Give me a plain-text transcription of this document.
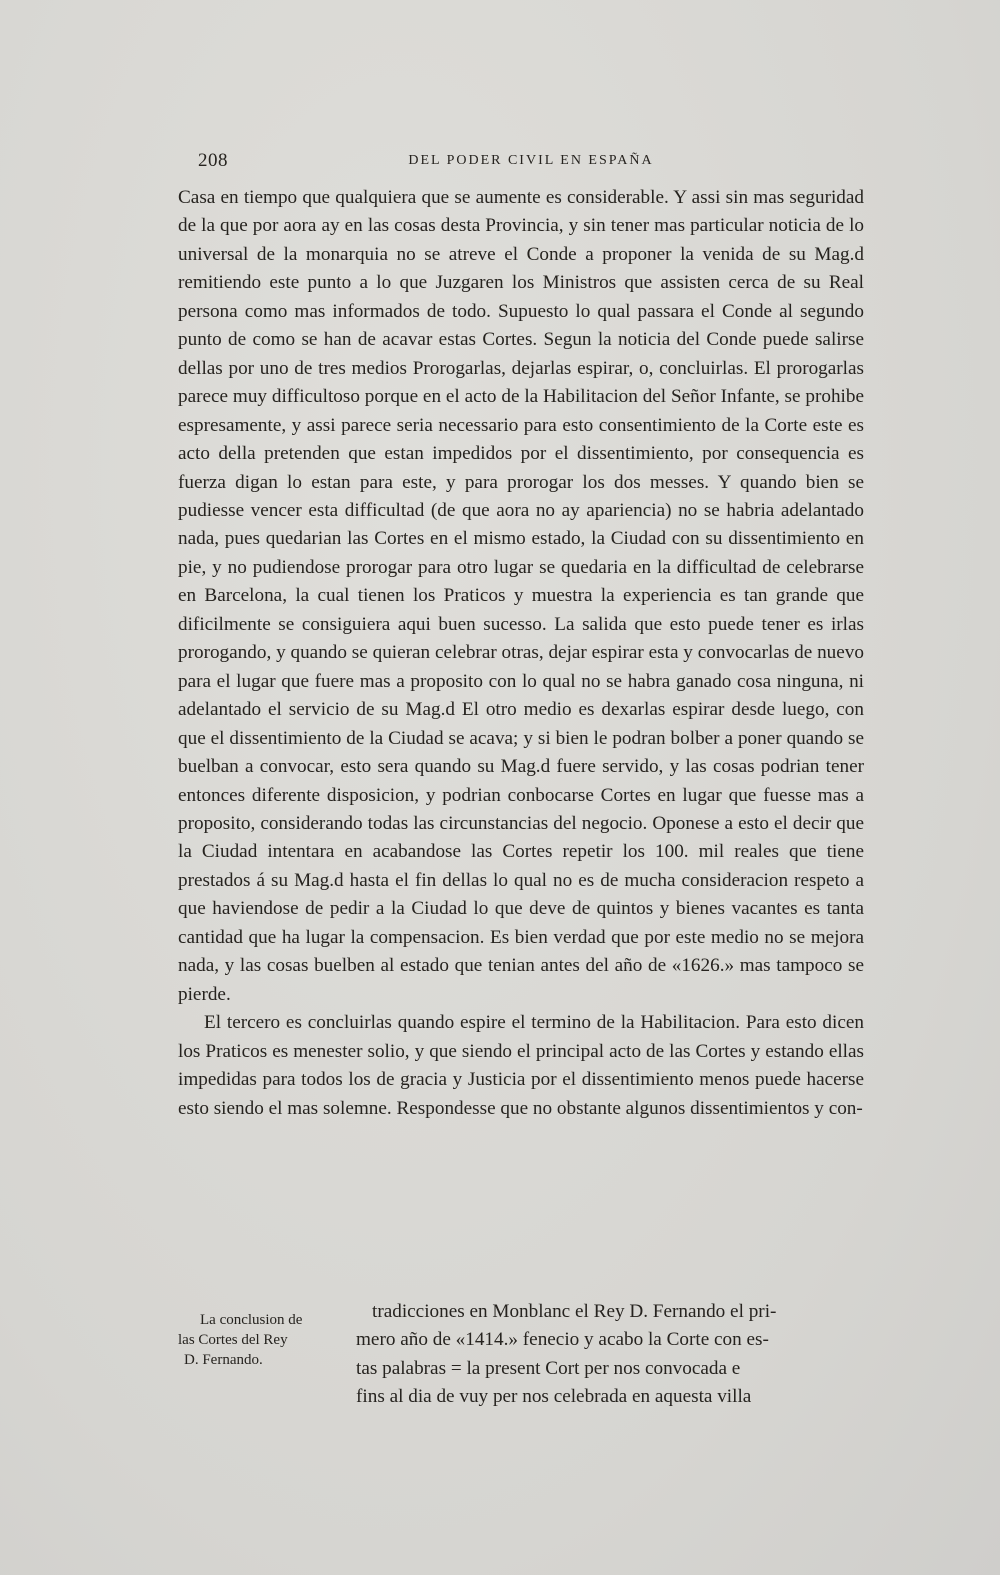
208	DEL PODER CIVIL EN ESPAÑA

Casa en tiempo que qualquiera que se aumente es considerable. Y assi sin mas seguridad de la que por aora ay en las cosas desta Provincia, y sin tener mas particular noticia de lo universal de la monarquia no se atreve el Conde a proponer la venida de su Mag.d remitiendo este punto a lo que Juzgaren los Ministros que assisten cerca de su Real persona como mas informados de todo. Supuesto lo qual passara el Conde al segundo punto de como se han de acavar estas Cortes. Segun la noticia del Conde puede salirse dellas por uno de tres medios Prorogarlas, dejarlas espirar, o, concluirlas. El prorogarlas parece muy difficultoso porque en el acto de la Habilitacion del Señor Infante, se prohibe espresamente, y assi parece seria necessario para esto consentimiento de la Corte este es acto della pretenden que estan impedidos por el dissentimiento, por consequencia es fuerza digan lo estan para este, y para prorogar los dos messes. Y quando bien se pudiesse vencer esta difficultad (de que aora no ay apariencia) no se habria adelantado nada, pues quedarian las Cortes en el mismo estado, la Ciudad con su dissentimiento en pie, y no pudiendose prorogar para otro lugar se quedaria en la difficultad de celebrarse en Barcelona, la cual tienen los Praticos y muestra la experiencia es tan grande que dificilmente se consiguiera aqui buen sucesso. La salida que esto puede tener es irlas prorogando, y quando se quieran celebrar otras, dejar espirar esta y convocarlas de nuevo para el lugar que fuere mas a proposito con lo qual no se habra ganado cosa ninguna, ni adelantado el servicio de su Mag.d El otro medio es dexarlas espirar desde luego, con que el dissentimiento de la Ciudad se acava; y si bien le podran bolber a poner quando se buelban a convocar, esto sera quando su Mag.d fuere servido, y las cosas podrian tener entonces diferente disposicion, y podrian conbocarse Cortes en lugar que fuesse mas a proposito, considerando todas las circunstancias del negocio. Oponese a esto el decir que la Ciudad intentara en acabandose las Cortes repetir los 100. mil reales que tiene prestados á su Mag.d hasta el fin dellas lo qual no es de mucha consideracion respeto a que haviendose de pedir a la Ciudad lo que deve de quintos y bienes vacantes es tanta cantidad que ha lugar la compensacion. Es bien verdad que por este medio no se mejora nada, y las cosas buelben al estado que tenian antes del año de «1626.» mas tampoco se pierde.

El tercero es concluirlas quando espire el termino de la Habilitacion. Para esto dicen los Praticos es menester solio, y que siendo el principal acto de las Cortes y estando ellas impedidas para todos los de gracia y Justicia por el dissentimiento menos puede hacerse esto siendo el mas solemne. Respondesse que no obstante algunos dissentimientos y con-

La conclusion de
las Cortes del Rey
D. Fernando.
tradicciones en Monblanc el Rey D. Fernando el pri-
mero año de «1414.» fenecio y acabo la Corte con es-
tas palabras = la present Cort per nos convocada e
fins al dia de vuy per nos celebrada en aquesta villa
